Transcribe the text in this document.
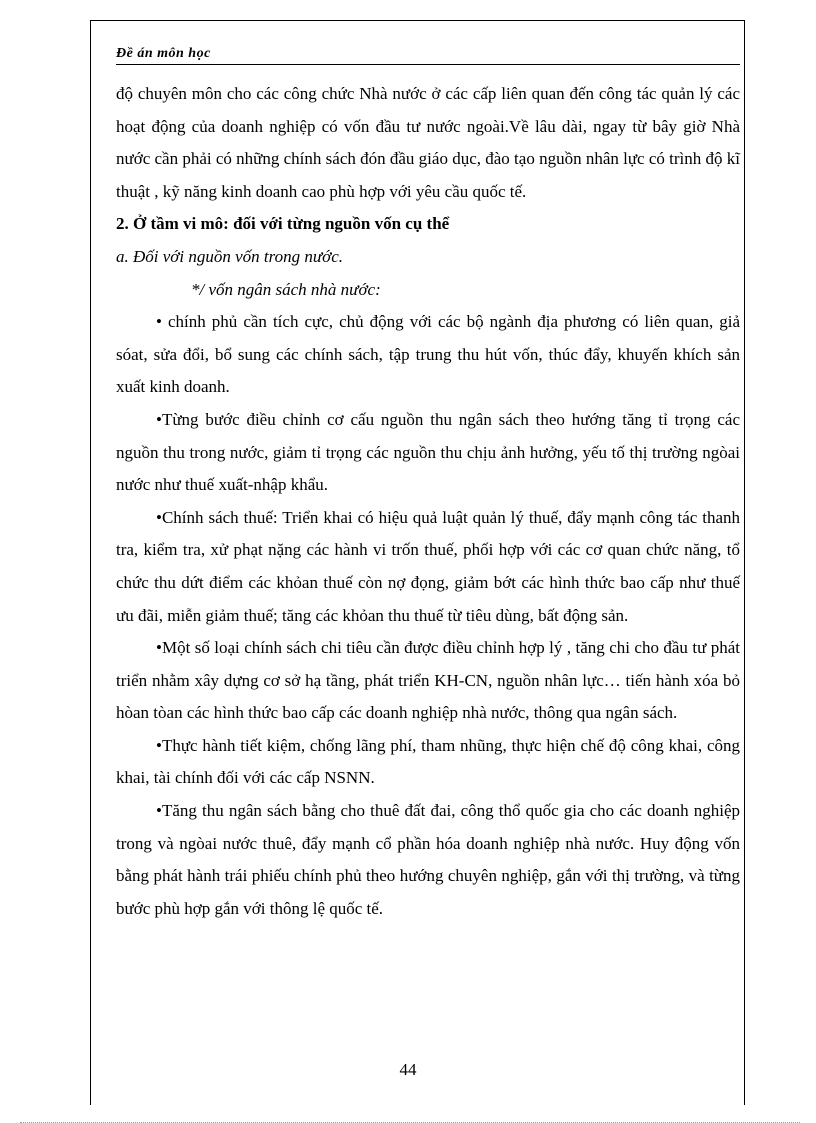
Đề án môn học

độ chuyên môn cho các công chức Nhà nước ở các cấp liên quan đến công tác quản lý các hoạt động của doanh nghiệp có vốn đầu tư nước ngoài.Về lâu dài, ngay từ bây giờ Nhà nước cần phải có những chính sách đón đầu giáo dục, đào tạo nguồn nhân lực có trình độ kĩ thuật , kỹ năng kinh doanh cao phù hợp với yêu cầu quốc tế.

2. Ở tầm vi mô: đối với từng nguồn vốn cụ thể

a. Đối với nguồn vốn trong nước.

*/ vốn ngân sách nhà nước:

• chính phủ cần tích cực, chủ động với các bộ ngành địa phương có liên quan, giả sóat, sửa đổi, bổ sung các chính sách, tập trung thu hút vốn, thúc đẩy, khuyến khích sản xuất kinh doanh.

•Từng bước điều chỉnh cơ cấu nguồn thu ngân sách theo hướng tăng tỉ trọng các nguồn thu trong nước, giảm tỉ trọng các nguồn thu chịu ảnh hưởng, yếu tố thị trường ngòai nước như thuế xuất-nhập khẩu.

•Chính sách thuế: Triển khai có hiệu quả luật quản lý thuế, đẩy mạnh công tác thanh tra, kiểm tra, xử phạt nặng các hành vi trốn thuế, phối hợp với các cơ quan chức năng, tổ chức thu dứt điểm các khỏan thuế còn nợ đọng, giảm bớt các hình thức bao cấp như thuế ưu đãi, miễn giảm thuế; tăng các khỏan thu thuế từ tiêu dùng, bất động sản.

•Một số loại chính sách chi tiêu cần được điều chỉnh hợp lý , tăng chi cho đầu tư phát triển nhằm xây dựng cơ sở hạ tầng, phát triển KH-CN, nguồn nhân lực… tiến hành xóa bỏ hòan tòan các hình thức bao cấp các doanh nghiệp nhà nước, thông qua ngân sách.

•Thực hành tiết kiệm, chống lãng phí, tham nhũng, thực hiện chế độ công khai, công khai, tài chính đối với các cấp NSNN.

•Tăng thu ngân sách bằng cho thuê đất đai, công thổ quốc gia cho các doanh nghiệp trong và ngòai nước thuê, đẩy mạnh cổ phần hóa doanh nghiệp nhà nước. Huy động vốn bằng phát hành trái phiếu chính phủ theo hướng chuyên nghiệp, gắn với thị trường, và từng bước phù hợp gắn với thông lệ quốc tế.

44
